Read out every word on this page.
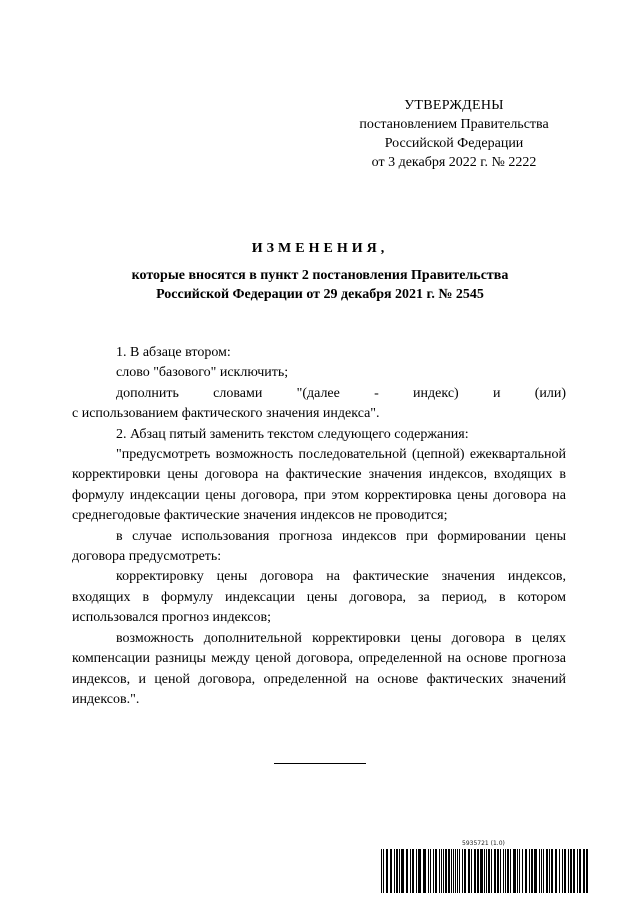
УТВЕРЖДЕНЫ
постановлением Правительства
Российской Федерации
от 3 декабря 2022 г. № 2222
ИЗМЕНЕНИЯ,
которые вносятся в пункт 2 постановления Правительства
Российской Федерации от 29 декабря 2021 г. № 2545

1. В абзаце втором:

слово "базового" исключить;

дополнить словами "(далее - индекс) и (или)

с использованием фактического значения индекса".

2. Абзац пятый заменить текстом следующего содержания:

"предусмотреть возможность последовательной (цепной) ежеквартальной корректировки цены договора на фактические значения индексов, входящих в формулу индексации цены договора, при этом корректировка цены договора на среднегодовые фактические значения индексов не проводится;

в случае использования прогноза индексов при формировании цены договора предусмотреть:

корректировку цены договора на фактические значения индексов, входящих в формулу индексации цены договора, за период, в котором использовался прогноз индексов;

возможность дополнительной корректировки цены договора в целях компенсации разницы между ценой договора, определенной на основе прогноза индексов, и ценой договора, определенной на основе фактических значений индексов.".

5935721 (1.0)
